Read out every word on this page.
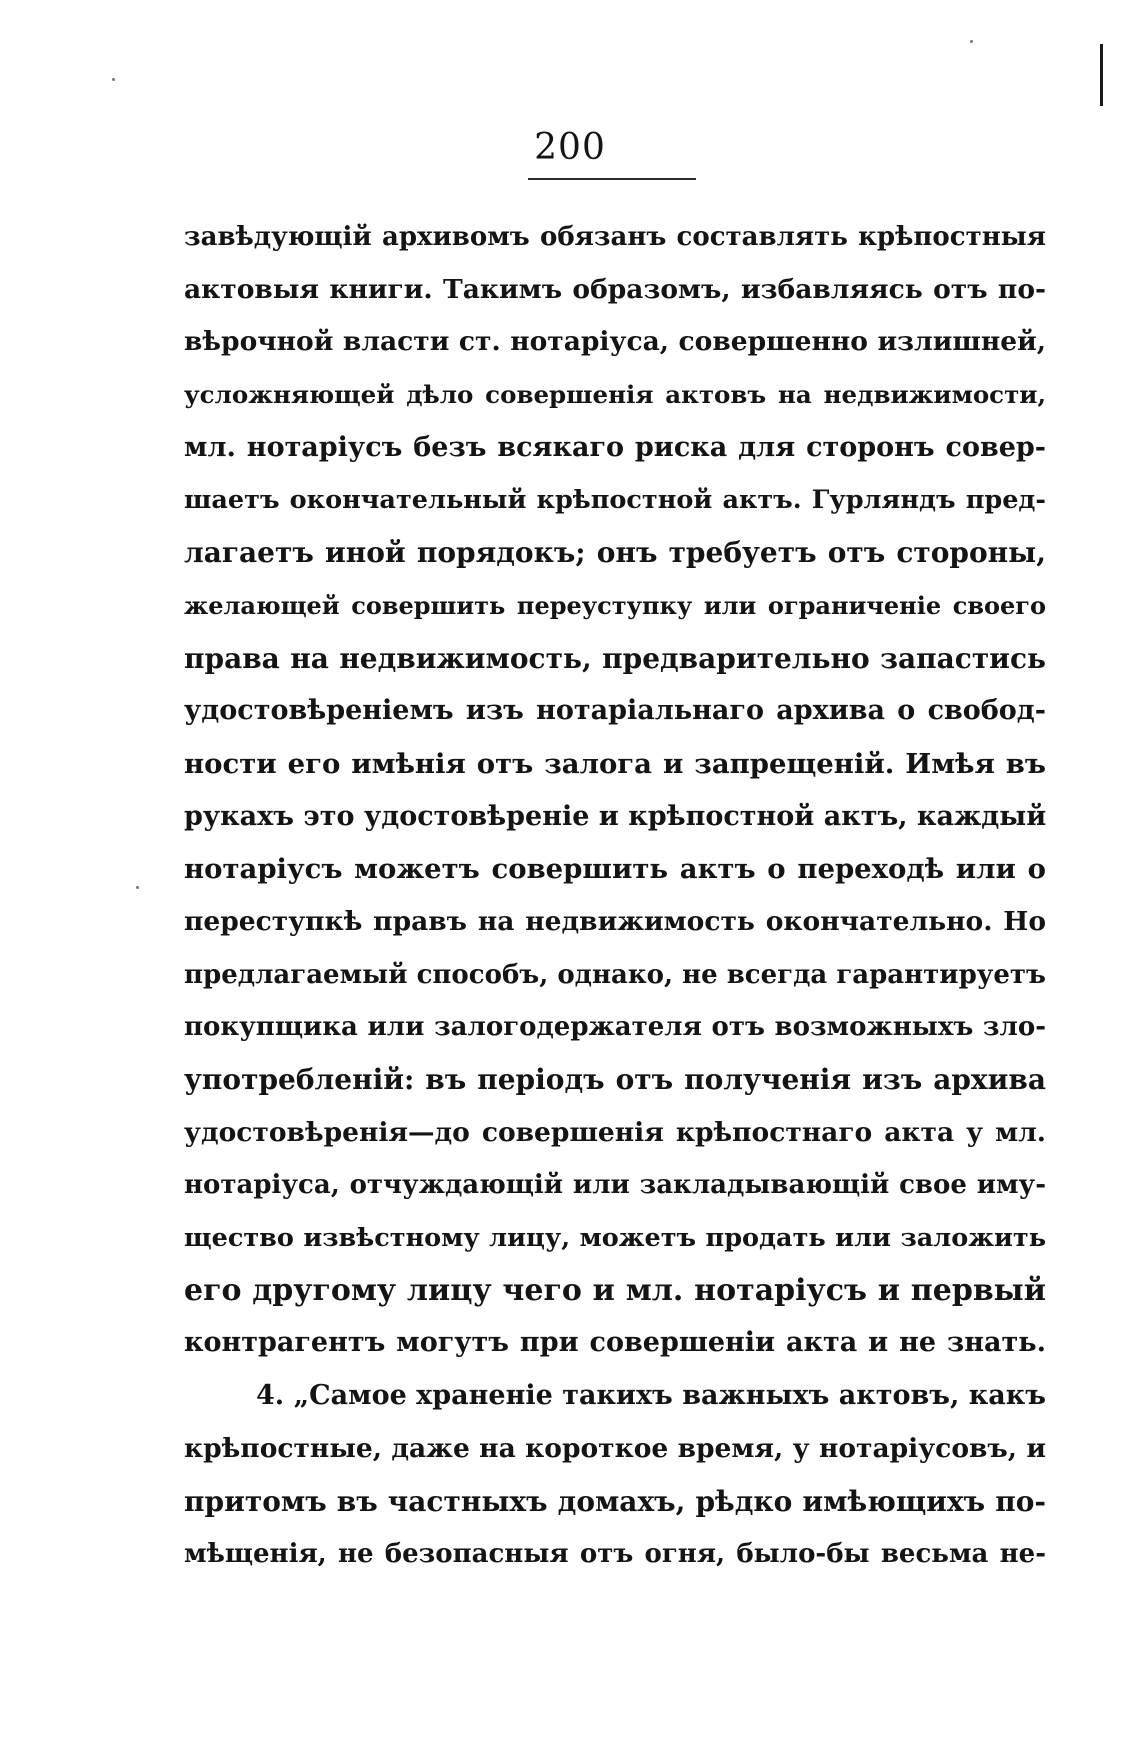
200
завѣдующій архивомъ обязанъ составлять крѣпостныя
актовыя книги. Такимъ образомъ, избавляясь отъ по-
вѣрочной власти ст. нотаріуса, совершенно излишней,
усложняющей дѣло совершенія актовъ на недвижимости,
мл. нотаріусъ безъ всякаго риска для сторонъ совер-
шаетъ окончательный крѣпостной актъ. Гурляндъ пред-
лагаетъ иной порядокъ; онъ требуетъ отъ стороны,
желающей совершить переуступку или ограниченіе своего
права на недвижимость, предварительно запастись
удостовѣреніемъ изъ нотаріальнаго архива о свобод-
ности его имѣнія отъ залога и запрещеній. Имѣя въ
рукахъ это удостовѣреніе и крѣпостной актъ, каждый
нотаріусъ можетъ совершить актъ о переходѣ или о
переступкѣ правъ на недвижимость окончательно. Но
предлагаемый способъ, однако, не всегда гарантируетъ
покупщика или залогодержателя отъ возможныхъ зло-
употребленій: въ періодъ отъ полученія изъ архива
удостовѣренія—до совершенія крѣпостнаго акта у мл.
нотаріуса, отчуждающій или закладывающій свое иму-
щество извѣстному лицу, можетъ продать или заложить
его другому лицу чего и мл. нотаріусъ и первый
контрагентъ могутъ при совершеніи акта и не знать.
4. „Самое храненіе такихъ важныхъ актовъ, какъ
крѣпостные, даже на короткое время, у нотаріусовъ, и
притомъ въ частныхъ домахъ, рѣдко имѣющихъ по-
мѣщенія, не безопасныя отъ огня, было-бы весьма не-
